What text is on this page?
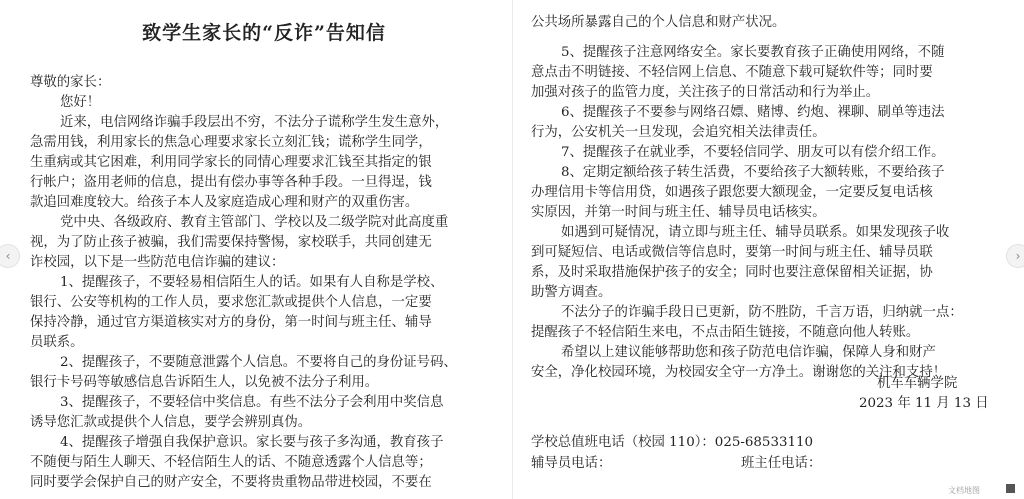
致学生家长的“反诈”告知信
尊敬的家长：
您好！
近来，电信网络诈骗手段层出不穷，不法分子谎称学生发生意外，
急需用钱，利用家长的焦急心理要求家长立刻汇钱；谎称学生同学，
生重病或其它困难，利用同学家长的同情心理要求汇钱至其指定的银
行帐户；盗用老师的信息，提出有偿办事等各种手段。一旦得逞，钱
款追回难度较大。给孩子本人及家庭造成心理和财产的双重伤害。
党中央、各级政府、教育主管部门、学校以及二级学院对此高度重
视，为了防止孩子被骗，我们需要保持警惕，家校联手，共同创建无
诈校园，以下是一些防范电信诈骗的建议：
1、提醒孩子，不要轻易相信陌生人的话。如果有人自称是学校、
银行、公安等机构的工作人员，要求您汇款或提供个人信息，一定要
保持冷静，通过官方渠道核实对方的身份，第一时间与班主任、辅导
员联系。
2、提醒孩子，不要随意泄露个人信息。不要将自己的身份证号码、
银行卡号码等敏感信息告诉陌生人，以免被不法分子利用。
3、提醒孩子，不要轻信中奖信息。有些不法分子会利用中奖信息
诱导您汇款或提供个人信息，要学会辨别真伪。
4、提醒孩子增强自我保护意识。家长要与孩子多沟通，教育孩子
不随便与陌生人聊天、不轻信陌生人的话、不随意透露个人信息等；
同时要学会保护自己的财产安全，不要将贵重物品带进校园，不要在
公共场所暴露自己的个人信息和财产状况。
5、提醒孩子注意网络安全。家长要教育孩子正确使用网络，不随
意点击不明链接、不轻信网上信息、不随意下载可疑软件等；同时要
加强对孩子的监管力度，关注孩子的日常活动和行为举止。
6、提醒孩子不要参与网络召嫖、赌博、约炮、裸聊、刷单等违法
行为，公安机关一旦发现，会追究相关法律责任。
7、提醒孩子在就业季，不要轻信同学、朋友可以有偿介绍工作。
8、定期定额给孩子转生活费，不要给孩子大额转账，不要给孩子
办理信用卡等信用贷，如遇孩子跟您要大额现金，一定要反复电话核
实原因，并第一时间与班主任、辅导员电话核实。
如遇到可疑情况，请立即与班主任、辅导员联系。如果发现孩子收
到可疑短信、电话或微信等信息时，要第一时间与班主任、辅导员联
系，及时采取措施保护孩子的安全；同时也要注意保留相关证据，协
助警方调查。
不法分子的诈骗手段日已更新，防不胜防，千言万语，归纳就一点：
提醒孩子不轻信陌生来电，不点击陌生链接，不随意向他人转账。
希望以上建议能够帮助您和孩子防范电信诈骗，保障人身和财产
安全，净化校园环境，为校园安全守一方净土。谢谢您的关注和支持！
机车车辆学院
2023 年 11 月 13 日
学校总值班电话（校园 110）：025-68533110
辅导员电话：	班主任电话：
‹	›
文档地图
